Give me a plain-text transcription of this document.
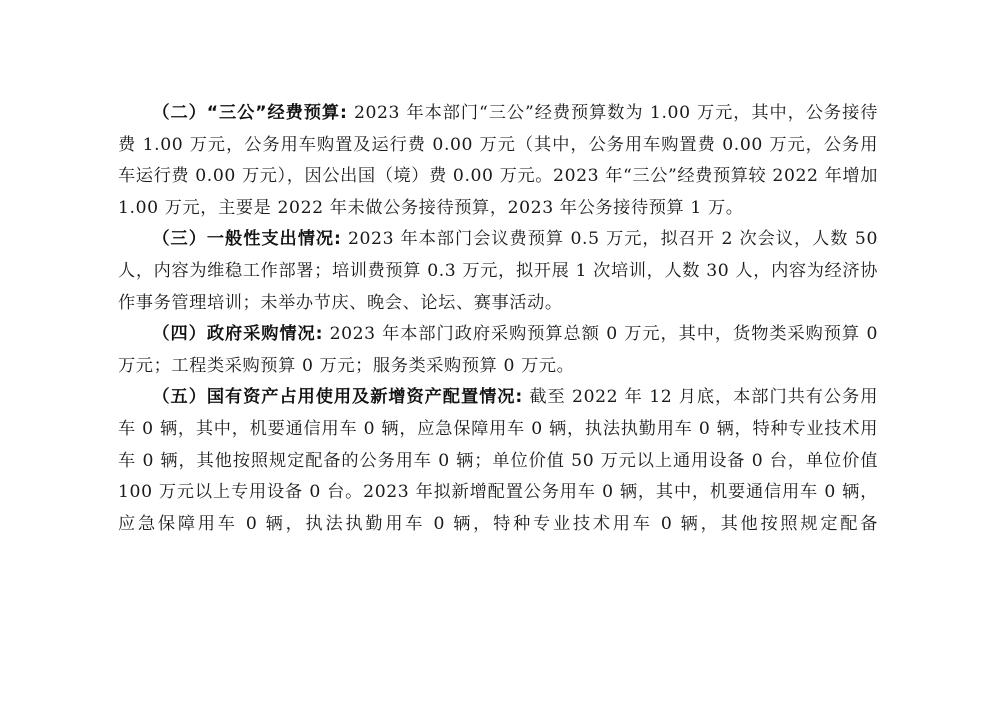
（二）“三公”经费预算: 2023 年本部门“三公”经费预算数为 1.00 万元，其中，公务接待费 1.00 万元，公务用车购置及运行费 0.00 万元（其中，公务用车购置费 0.00 万元，公务用车运行费 0.00 万元），因公出国（境）费 0.00 万元。2023 年“三公”经费预算较 2022 年增加 1.00 万元，主要是 2022 年未做公务接待预算，2023 年公务接待预算 1 万。

（三）一般性支出情况: 2023 年本部门会议费预算 0.5 万元，拟召开 2 次会议，人数 50 人，内容为维稳工作部署；培训费预算 0.3 万元，拟开展 1 次培训，人数 30 人，内容为经济协作事务管理培训；未举办节庆、晚会、论坛、赛事活动。

（四）政府采购情况: 2023 年本部门政府采购预算总额 0 万元，其中，货物类采购预算 0 万元；工程类采购预算 0 万元；服务类采购预算 0 万元。

（五）国有资产占用使用及新增资产配置情况: 截至 2022 年 12 月底，本部门共有公务用车 0 辆，其中，机要通信用车 0 辆，应急保障用车 0 辆，执法执勤用车 0 辆，特种专业技术用车 0 辆，其他按照规定配备的公务用车 0 辆；单位价值 50 万元以上通用设备 0 台，单位价值 100 万元以上专用设备 0 台。2023 年拟新增配置公务用车 0 辆，其中，机要通信用车 0 辆，应急保障用车 0 辆，执法执勤用车 0 辆，特种专业技术用车 0 辆，其他按照规定配备
